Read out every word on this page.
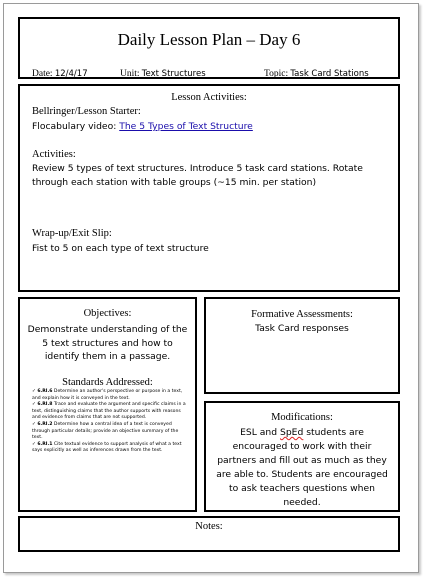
Daily Lesson Plan – Day 6
Date: 12/4/17	Unit: Text Structures	Topic: Task Card Stations
Lesson Activities:
Bellringer/Lesson Starter:
Flocabulary video: The 5 Types of Text Structure
Activities:
Review 5 types of text structures. Introduce 5 task card stations. Rotate through each station with table groups (~15 min. per station)
Wrap-up/Exit Slip:
Fist to 5 on each type of text structure
Objectives:
Demonstrate understanding of the 5 text structures and how to identify them in a passage.
Standards Addressed:
✓ 6.RI.6 Determine an author's perspective or purpose in a text, and explain how it is conveyed in the text.
✓ 6.RI.8 Trace and evaluate the argument and specific claims in a text, distinguishing claims that the author supports with reasons and evidence from claims that are not supported.
✓ 6.RI.2 Determine how a central idea of a text is conveyed through particular details; provide an objective summary of the text.
✓ 6.RI.1 Cite textual evidence to support analysis of what a text says explicitly as well as inferences drawn from the text.
Formative Assessments:
Task Card responses
Modifications:
ESL and SpEd students are encouraged to work with their partners and fill out as much as they are able to. Students are encouraged to ask teachers questions when needed.
Notes:
